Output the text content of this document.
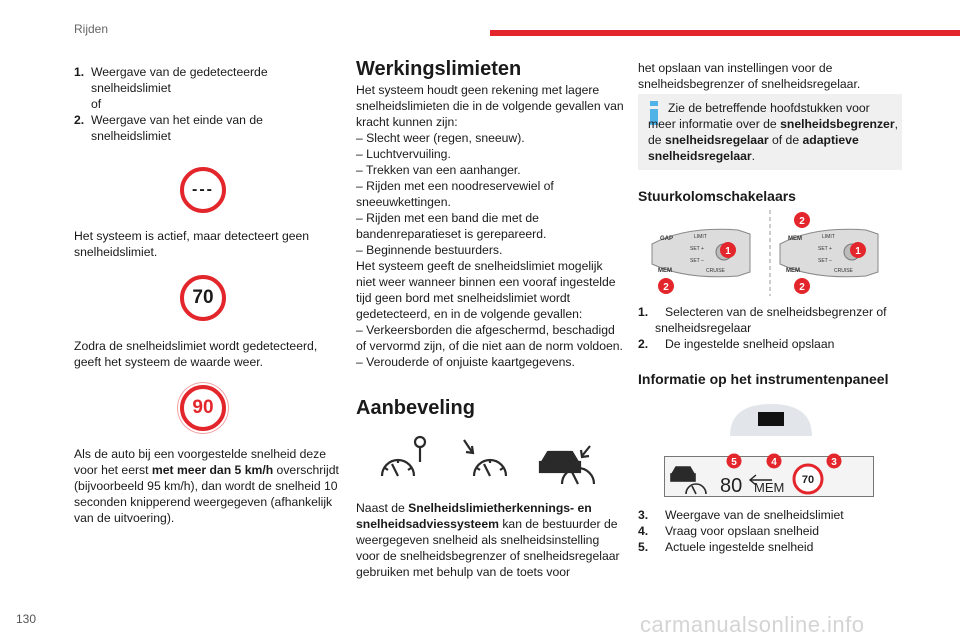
Rijden
130	carmanualsonline.info
1. Weergave van de gedetecteerde snelheidslimiet
of
2. Weergave van het einde van de snelheidslimiet
---
Het systeem is actief, maar detecteert geen snelheidslimiet.
70
Zodra de snelheidslimiet wordt gedetecteerd, geeft het systeem de waarde weer.
90
Als de auto bij een voorgestelde snelheid deze voor het eerst met meer dan 5 km/h overschrijdt (bijvoorbeeld 95 km/h), dan wordt de snelheid 10 seconden knipperend weergegeven (afhankelijk van de uitvoering).
Werkingslimieten
Het systeem houdt geen rekening met lagere snelheidslimieten die in de volgende gevallen van kracht kunnen zijn:
– Slecht weer (regen, sneeuw).
– Luchtvervuiling.
– Trekken van een aanhanger.
– Rijden met een noodreservewiel of sneeuwkettingen.
– Rijden met een band die met de bandenreparatieset is gerepareerd.
– Beginnende bestuurders.
Het systeem geeft de snelheidslimiet mogelijk niet weer wanneer binnen een vooraf ingestelde tijd geen bord met snelheidslimiet wordt gedetecteerd, en in de volgende gevallen:
– Verkeersborden die afgeschermd, beschadigd of vervormd zijn, of die niet aan de norm voldoen.
– Verouderde of onjuiste kaartgegevens.
Aanbeveling
Naast de Snelheidslimietherkennings- en snelheidsadviessysteem kan de bestuurder de weergegeven snelheid als snelheidsinstelling voor de snelheidsbegrenzer of snelheidsregelaar gebruiken met behulp van de toets voor
het opslaan van instellingen voor de snelheidsbegrenzer of snelheidsregelaar.
Zie de betreffende hoofdstukken voor meer informatie over de snelheidsbegrenzer, de snelheidsregelaar of de adaptieve snelheidsregelaar.
Stuurkolomschakelaars
GAP	LIMIT
SET +
SET –
MEM	CRUISE
1
2
MEM	LIMIT
SET +
SET –
MEM	CRUISE
2
1
2
1. Selecteren van de snelheidsbegrenzer of snelheidsregelaar
2. De ingestelde snelheid opslaan
Informatie op het instrumentenpaneel
80 MEM 70
5	4	3
3. Weergave van de snelheidslimiet
4. Vraag voor opslaan snelheid
5. Actuele ingestelde snelheid
